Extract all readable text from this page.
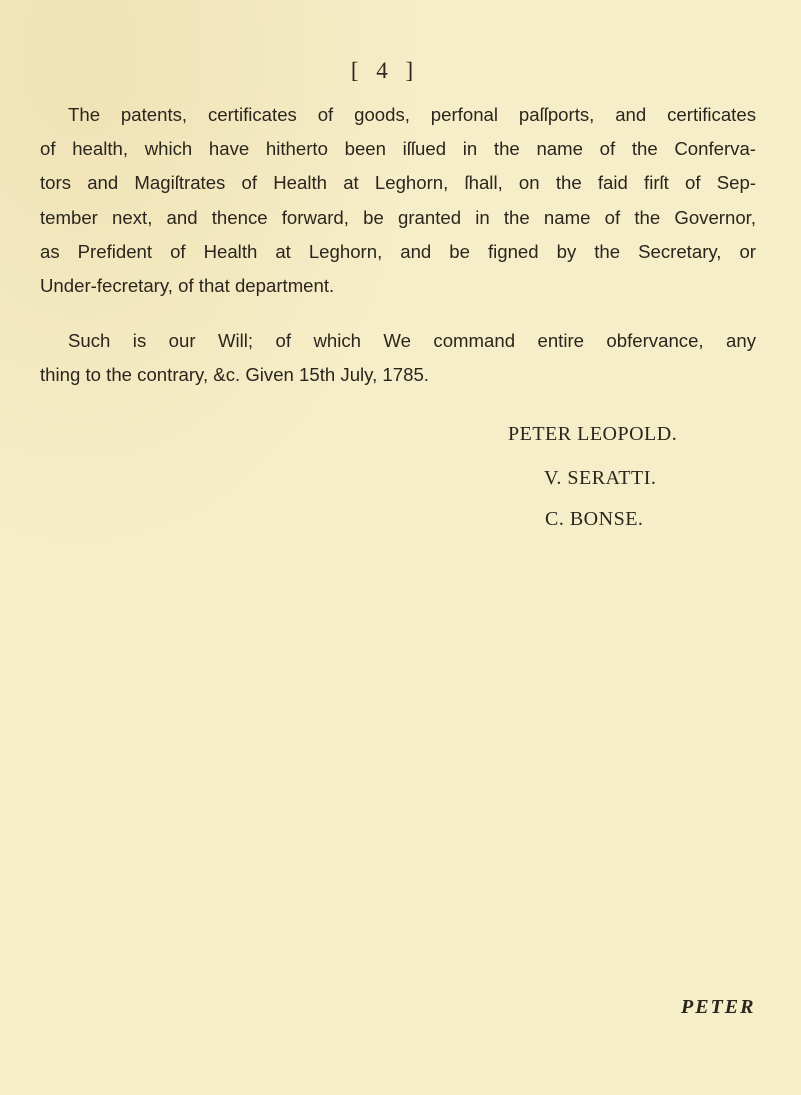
[ 4 ]

The patents, certificates of goods, perfonal paſſports, and certificates
of health, which have hitherto been iſſued in the name of the Conferva-
tors and Magiſtrates of Health at Leghorn, ſhall, on the faid firſt of Sep-
tember next, and thence forward, be granted in the name of the Governor,
as Prefident of Health at Leghorn, and be figned by the Secretary, or
Under-fecretary, of that department.

Such is our Will; of which We command entire obfervance, any
thing to the contrary, &c. Given 15th July, 1785.

PETER LEOPOLD.
V. SERATTI.
C. BONSE.
PETER
